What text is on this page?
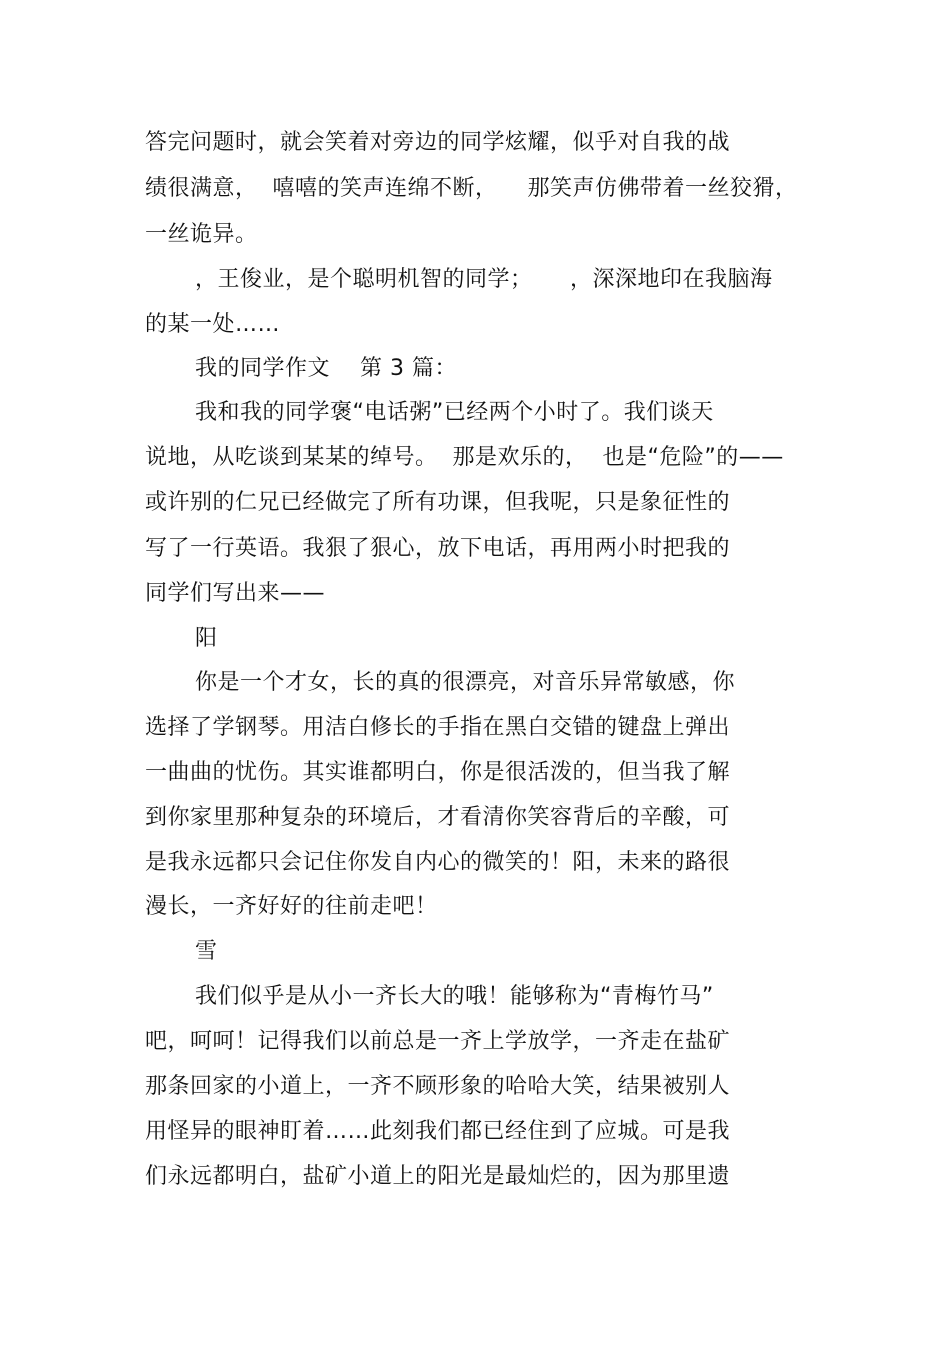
答完问题时，就会笑着对旁边的同学炫耀，似乎对自我的战
绩很满意，  嘻嘻的笑声连绵不断，    那笑声仿佛带着一丝狡猾，
一丝诡异。
，王俊业，是个聪明机智的同学；     ，深深地印在我脑海
的某一处……
我的同学作文    第 3 篇：
我和我的同学褒“电话粥”已经两个小时了。我们谈天
说地，从吃谈到某某的绰号。  那是欢乐的，  也是“危险”的——
或许别的仁兄已经做完了所有功课，但我呢，只是象征性的
写了一行英语。我狠了狠心，放下电话，再用两小时把我的
同学们写出来——
阳
你是一个才女，长的真的很漂亮，对音乐异常敏感，你
选择了学钢琴。用洁白修长的手指在黑白交错的键盘上弹出
一曲曲的忧伤。其实谁都明白，你是很活泼的，但当我了解
到你家里那种复杂的环境后，才看清你笑容背后的辛酸，可
是我永远都只会记住你发自内心的微笑的！阳，未来的路很
漫长，一齐好好的往前走吧！
雪
我们似乎是从小一齐长大的哦！能够称为“青梅竹马”
吧，呵呵！记得我们以前总是一齐上学放学，一齐走在盐矿
那条回家的小道上，一齐不顾形象的哈哈大笑，结果被别人
用怪异的眼神盯着……此刻我们都已经住到了应城。可是我
们永远都明白，盐矿小道上的阳光是最灿烂的，因为那里遗
